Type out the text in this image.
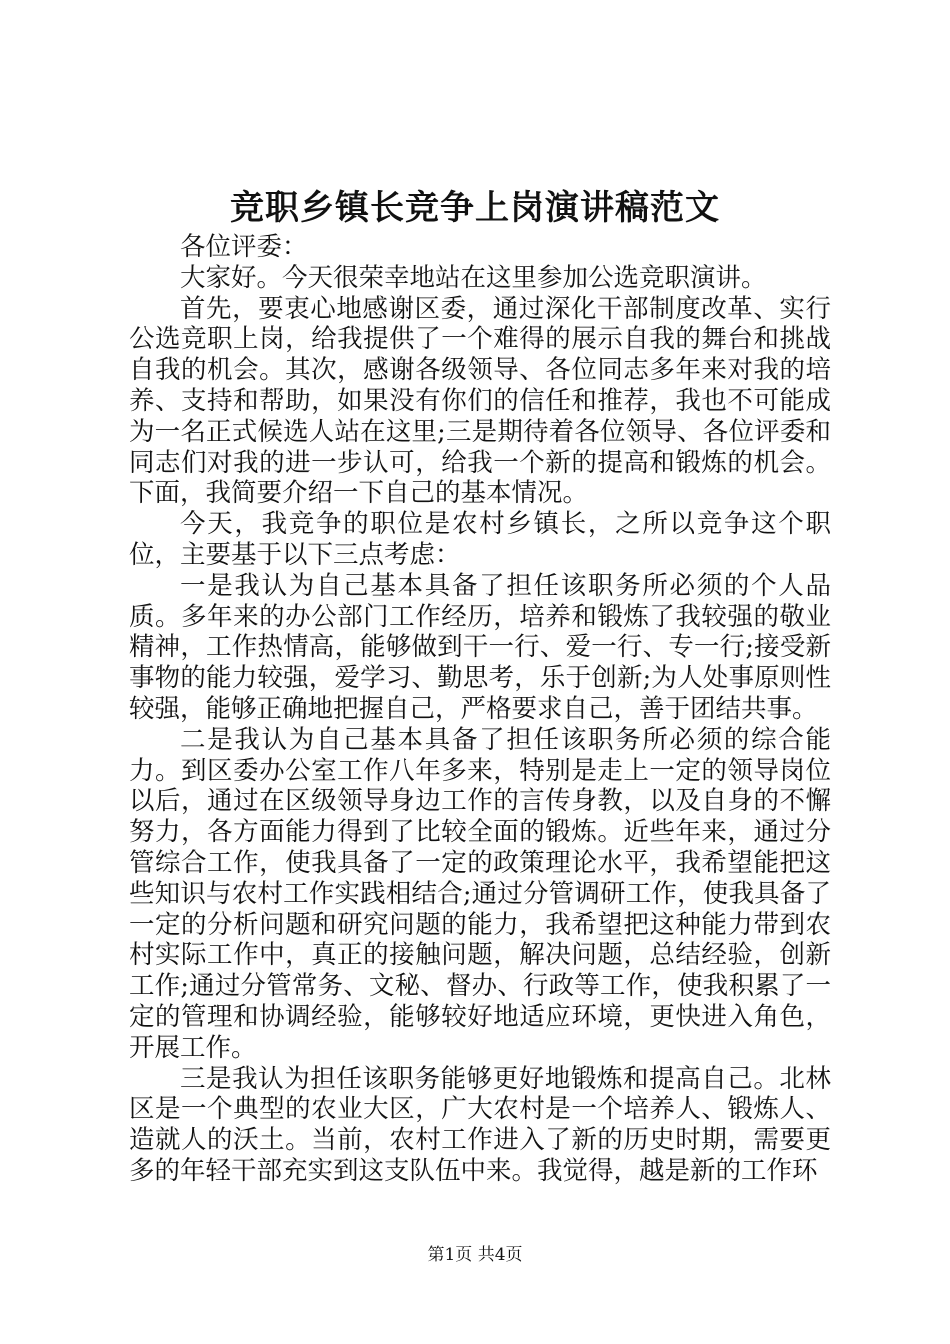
竞职乡镇长竞争上岗演讲稿范文

各位评委：

大家好。今天很荣幸地站在这里参加公选竞职演讲。

首先，要衷心地感谢区委，通过深化干部制度改革、实行公选竞职上岗，给我提供了一个难得的展示自我的舞台和挑战自我的机会。其次，感谢各级领导、各位同志多年来对我的培养、支持和帮助，如果没有你们的信任和推荐，我也不可能成为一名正式候选人站在这里;三是期待着各位领导、各位评委和同志们对我的进一步认可，给我一个新的提高和锻炼的机会。下面，我简要介绍一下自己的基本情况。

今天，我竞争的职位是农村乡镇长，之所以竞争这个职位，主要基于以下三点考虑：

一是我认为自己基本具备了担任该职务所必须的个人品质。多年来的办公部门工作经历，培养和锻炼了我较强的敬业精神，工作热情高，能够做到干一行、爱一行、专一行;接受新事物的能力较强，爱学习、勤思考，乐于创新;为人处事原则性较强，能够正确地把握自己，严格要求自己，善于团结共事。

二是我认为自己基本具备了担任该职务所必须的综合能力。到区委办公室工作八年多来，特别是走上一定的领导岗位以后，通过在区级领导身边工作的言传身教，以及自身的不懈努力，各方面能力得到了比较全面的锻炼。近些年来，通过分管综合工作，使我具备了一定的政策理论水平，我希望能把这些知识与农村工作实践相结合;通过分管调研工作，使我具备了一定的分析问题和研究问题的能力，我希望把这种能力带到农村实际工作中，真正的接触问题，解决问题，总结经验，创新工作;通过分管常务、文秘、督办、行政等工作，使我积累了一定的管理和协调经验，能够较好地适应环境，更快进入角色，开展工作。

三是我认为担任该职务能够更好地锻炼和提高自己。北林区是一个典型的农业大区，广大农村是一个培养人、锻炼人、造就人的沃土。当前，农村工作进入了新的历史时期，需要更多的年轻干部充实到这支队伍中来。我觉得，越是新的工作环

第1页 共4页
